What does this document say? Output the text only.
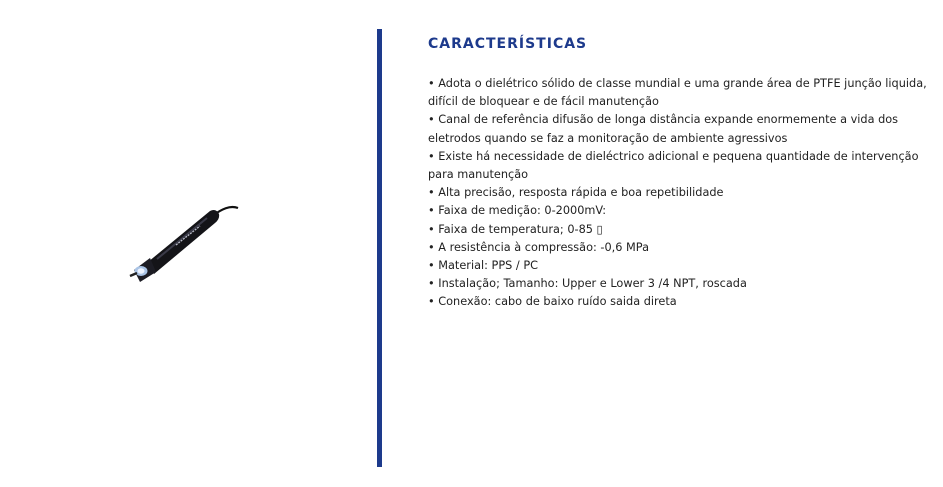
CARACTERÍSTICAS
• Adota o dielétrico sólido de classe mundial e uma grande área de PTFE junção liquida, difícil de bloquear e de fácil manutenção
• Canal de referência difusão de longa distância expande enormemente a vida dos eletrodos quando se faz a monitoração de ambiente agressivos
• Existe há necessidade de dieléctrico adicional e pequena quantidade de intervenção para manutenção
• Alta precisão, resposta rápida e boa repetibilidade
• Faixa de medição: 0-2000mV:
• Faixa de temperatura; 0-85 ▯
• A resistência à compressão: -0,6 MPa
• Material: PPS / PC
• Instalação; Tamanho: Upper e Lower 3 /4 NPT, roscada
• Conexão: cabo de baixo ruído saida direta
